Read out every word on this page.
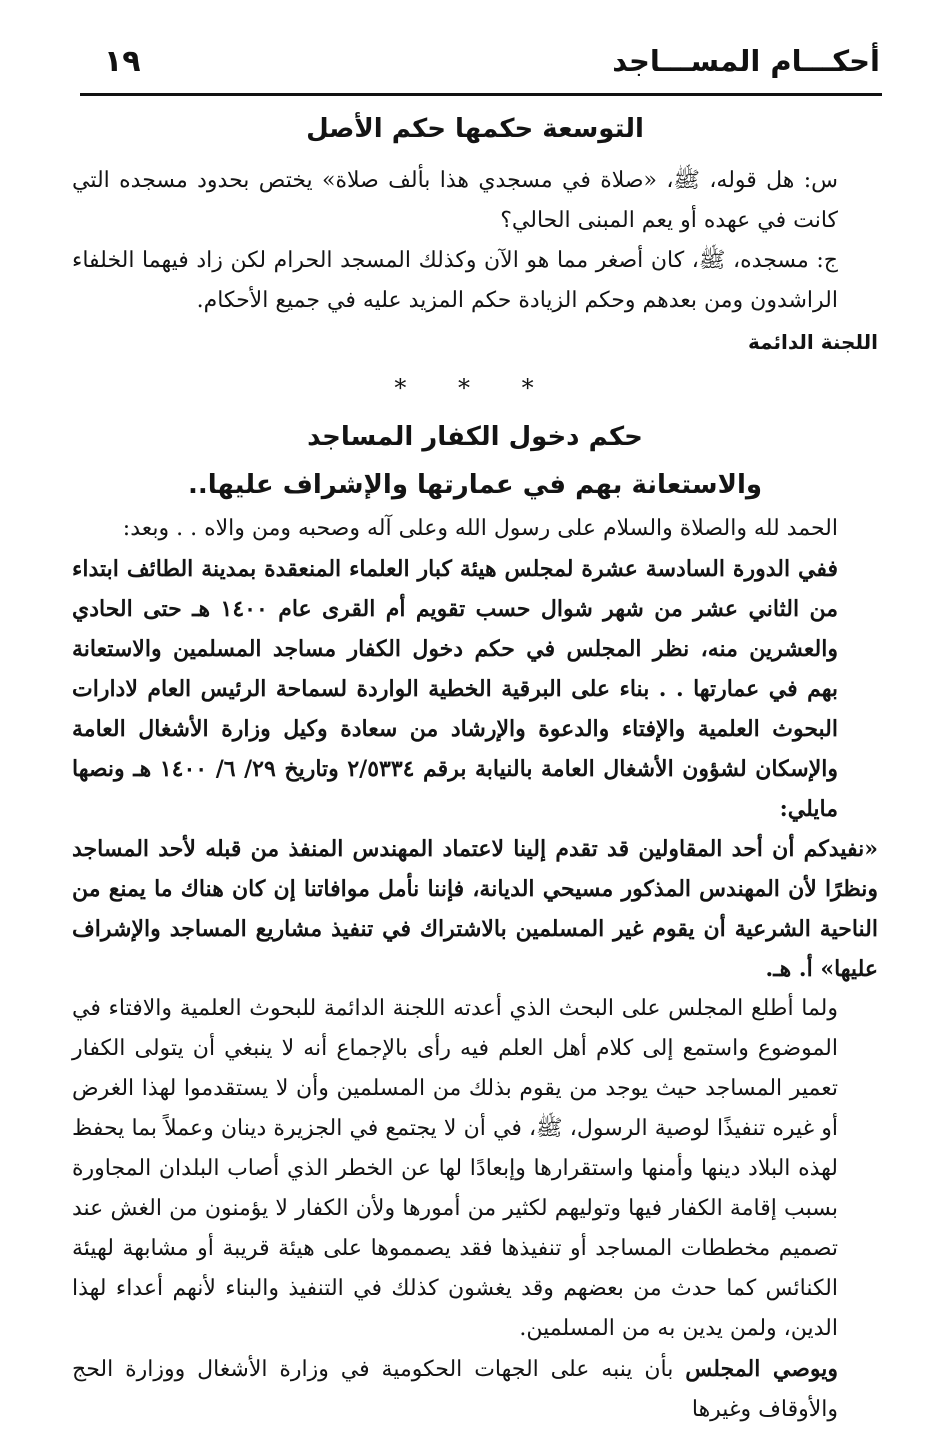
أحكـــام المســـاجد
١٩
التوسعة حكمها حكم الأصل

س: هل قوله، ﷺ، «صلاة في مسجدي هذا بألف صلاة» يختص بحدود مسجده التي كانت في عهده أو يعم المبنى الحالي؟

ج: مسجده، ﷺ، كان أصغر مما هو الآن وكذلك المسجد الحرام لكن زاد فيهما الخلفاء الراشدون ومن بعدهم وحكم الزيادة حكم المزيد عليه في جميع الأحكام.

اللجنة الدائمة

* * *

حكم دخول الكفار المساجد
والاستعانة بهم في عمارتها والإشراف عليها..

الحمد لله والصلاة والسلام على رسول الله وعلى آله وصحبه ومن والاه . . وبعد:

ففي الدورة السادسة عشرة لمجلس هيئة كبار العلماء المنعقدة بمدينة الطائف ابتداء من الثاني عشر من شهر شوال حسب تقويم أم القرى عام ١٤٠٠ هـ حتى الحادي والعشرين منه، نظر المجلس في حكم دخول الكفار مساجد المسلمين والاستعانة بهم في عمارتها . . بناء على البرقية الخطية الواردة لسماحة الرئيس العام لادارات البحوث العلمية والإفتاء والدعوة والإرشاد من سعادة وكيل وزارة الأشغال العامة والإسكان لشؤون الأشغال العامة بالنيابة برقم ٢/٥٣٣٤ وتاريخ ٢٩/ ٦/ ١٤٠٠ هـ ونصها مايلي:

«نفيدكم أن أحد المقاولين قد تقدم إلينا لاعتماد المهندس المنفذ من قبله لأحد المساجد ونظرًا لأن المهندس المذكور مسيحي الديانة، فإننا نأمل موافاتنا إن كان هناك ما يمنع من الناحية الشرعية أن يقوم غير المسلمين بالاشتراك في تنفيذ مشاريع المساجد والإشراف عليها» أ. هـ.

ولما أطلع المجلس على البحث الذي أعدته اللجنة الدائمة للبحوث العلمية والافتاء في الموضوع واستمع إلى كلام أهل العلم فيه رأى بالإجماع أنه لا ينبغي أن يتولى الكفار تعمير المساجد حيث يوجد من يقوم بذلك من المسلمين وأن لا يستقدموا لهذا الغرض أو غيره تنفيذًا لوصية الرسول، ﷺ، في أن لا يجتمع في الجزيرة دينان وعملاً بما يحفظ لهذه البلاد دينها وأمنها واستقرارها وإبعادًا لها عن الخطر الذي أصاب البلدان المجاورة بسبب إقامة الكفار فيها وتوليهم لكثير من أمورها ولأن الكفار لا يؤمنون من الغش عند تصميم مخططات المساجد أو تنفيذها فقد يصمموها على هيئة قريبة أو مشابهة لهيئة الكنائس كما حدث من بعضهم وقد يغشون كذلك في التنفيذ والبناء لأنهم أعداء لهذا الدين، ولمن يدين به من المسلمين.

ويوصي المجلس بأن ينبه على الجهات الحكومية في وزارة الأشغال ووزارة الحج والأوقاف وغيرها
